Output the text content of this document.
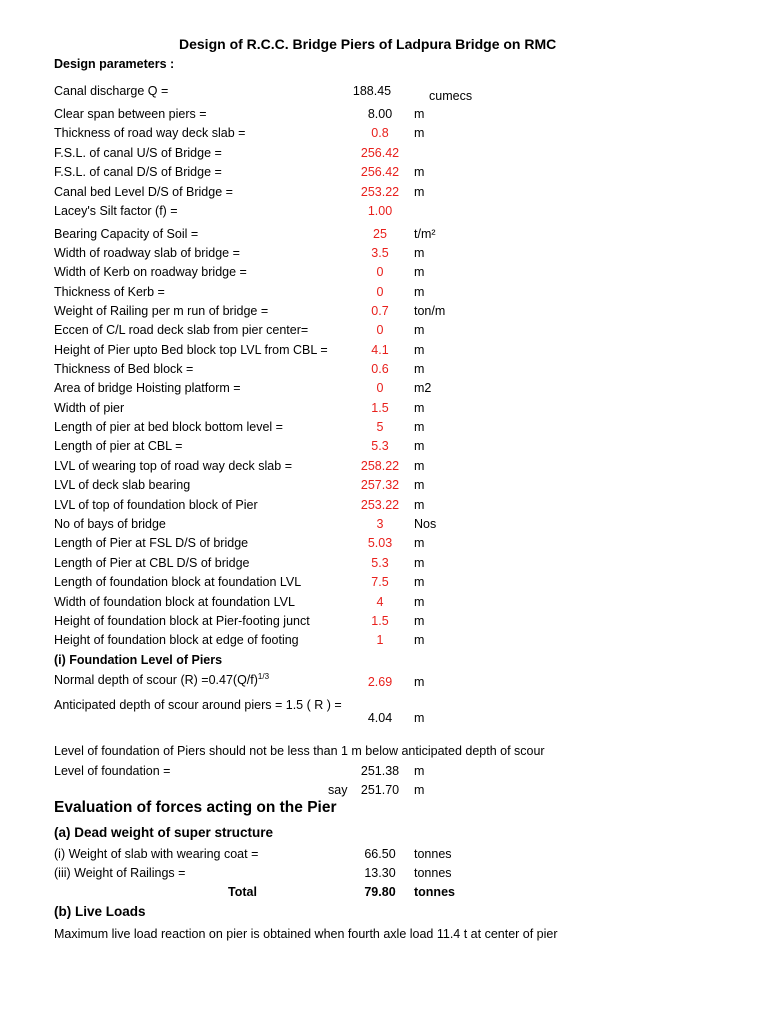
Design of R.C.C. Bridge Piers of Ladpura Bridge on RMC
Design parameters :
Canal discharge Q =	188.45	cumecs
Clear span between piers =	8.00	m
Thickness of road way deck slab =	0.8	m
F.S.L. of canal U/S of Bridge =	256.42
F.S.L. of canal D/S of Bridge =	256.42	m
Canal bed Level D/S of Bridge =	253.22	m
Lacey's Silt factor (f) =	1.00
Bearing Capacity of Soil =	25	t/m²
Width of roadway slab of bridge =	3.5	m
Width of Kerb on roadway bridge =	0	m
Thickness of Kerb =	0	m
Weight of Railing per m run of bridge =	0.7	ton/m
Eccen of C/L road deck slab from pier center=	0	m
Height of Pier upto Bed block top LVL from CBL =	4.1	m
Thickness of Bed block =	0.6	m
Area of bridge Hoisting platform =	0	m2
Width of pier	1.5	m
Length of pier at bed block bottom level =	5	m
Length of pier at CBL =	5.3	m
LVL of wearing top of road way deck slab =	258.22	m
LVL of deck slab bearing	257.32	m
LVL of top of foundation block of Pier	253.22	m
No of bays of bridge	3	Nos
Length of Pier at FSL D/S of bridge	5.03	m
Length of Pier at CBL D/S of bridge	5.3	m
Length of foundation block at foundation LVL	7.5	m
Width of foundation block at foundation LVL	4	m
Height of foundation block at Pier-footing junct	1.5	m
Height of foundation block at edge of footing	1	m
(i) Foundation Level of Piers
Normal depth of scour $(R) =0.47(Q/f)^{1/3}$	2.69	m
Anticipated depth of scour around piers = 1.5 ( R ) =
4.04	m
Level of foundation of Piers should not be less than 1 m below anticipated depth of scour
Level of foundation =	251.38	m
say	251.70	m
Evaluation of forces acting on the Pier
(a) Dead weight of super structure
(i) Weight of slab with wearing coat =	66.50	tonnes
(iii) Weight of Railings =	13.30	tonnes
Total	79.80	tonnes
(b) Live Loads
Maximum live load reaction on pier is obtained when fourth axle load 11.4 t at center of pier
